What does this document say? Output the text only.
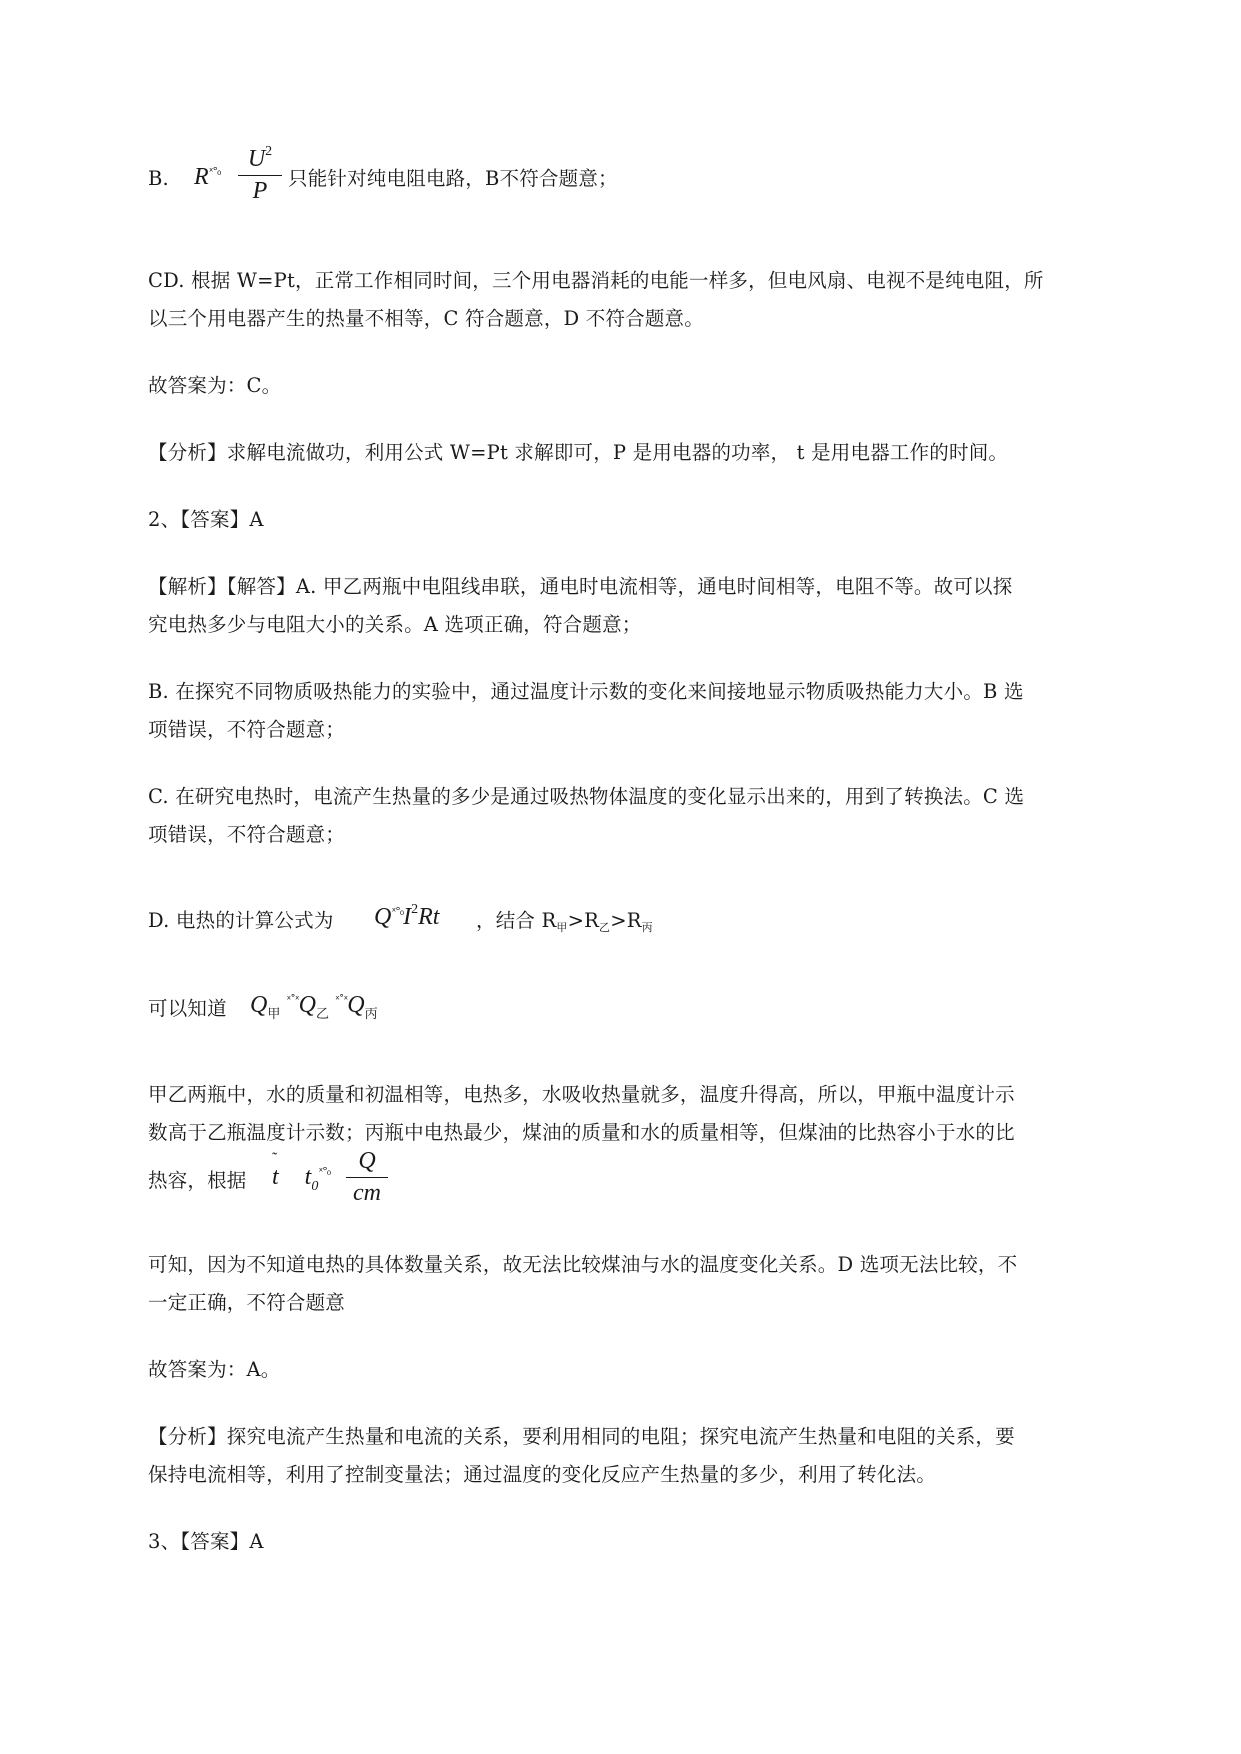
B. $R^{ˣ^\circ_0}$	$U^2$
P	只能针对纯电阻电路，B不符合题意；
CD. 根据 W=Pt，正常工作相同时间，三个用电器消耗的电能一样多，但电风扇、电视不是纯电阻，所
以三个用电器产生的热量不相等，C 符合题意，D 不符合题意。
故答案为：C。
【分析】求解电流做功，利用公式 W=Pt 求解即可，P 是用电器的功率， t 是用电器工作的时间。
2、【答案】A
【解析】【解答】A. 甲乙两瓶中电阻线串联，通电时电流相等，通电时间相等，电阻不等。故可以探
究电热多少与电阻大小的关系。A 选项正确，符合题意；
B. 在探究不同物质吸热能力的实验中，通过温度计示数的变化来间接地显示物质吸热能力大小。B 选
项错误，不符合题意；
C. 在研究电热时，电流产生热量的多少是通过吸热物体温度的变化显示出来的，用到了转换法。C 选
项错误，不符合题意；
D. 电热的计算公式为 $Q^{ˣ^\circ_0}I^2Rt$ ，结合 $R_甲>R_乙>R_丙$
可以知道 $Q_甲$ $^{ˣ˚ˣ}Q_乙$ $^{ˣ˚ˣ}Q_丙$
甲乙两瓶中，水的质量和初温相等，电热多，水吸收热量就多，温度升得高，所以，甲瓶中温度计示
数高于乙瓶温度计示数；丙瓶中电热最少，煤油的质量和水的质量相等，但煤油的比热容小于水的比
热容，根据 t
˜
$t_0^{ˣ^\circ_0}$	Q
cm
可知，因为不知道电热的具体数量关系，故无法比较煤油与水的温度变化关系。D 选项无法比较，不
一定正确，不符合题意
故答案为：A。
【分析】探究电流产生热量和电流的关系，要利用相同的电阻；探究电流产生热量和电阻的关系，要
保持电流相等，利用了控制变量法；通过温度的变化反应产生热量的多少，利用了转化法。
3、【答案】A
